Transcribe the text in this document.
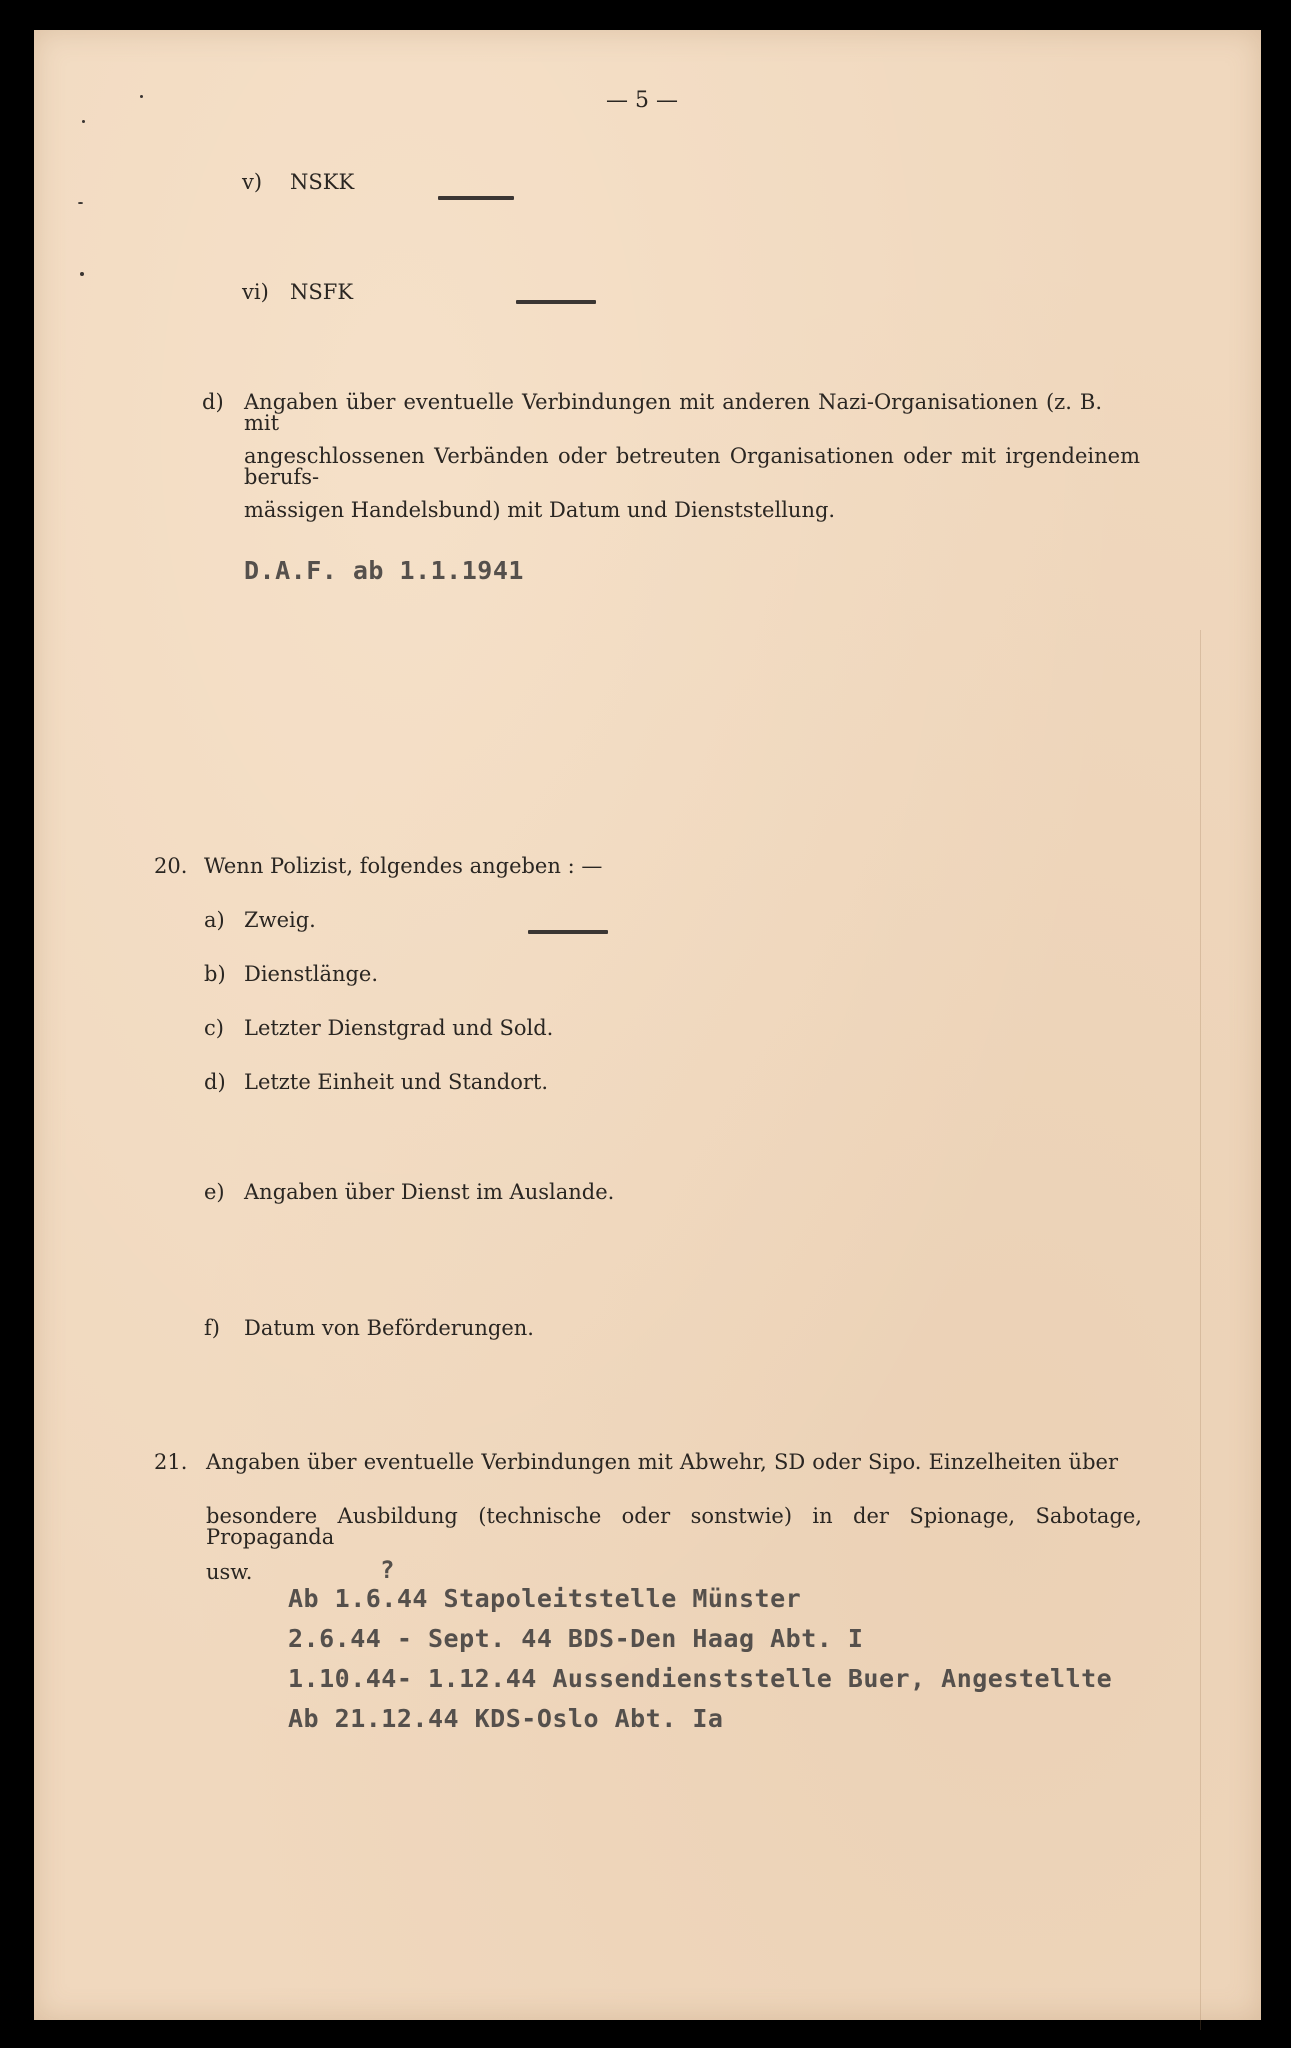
— 5 —
v) NSKK
vi) NSFK
d) Angaben über eventuelle Verbindungen mit anderen Nazi-Organisationen (z. B. mit
angeschlossenen Verbänden oder betreuten Organisationen oder mit irgendeinem berufs-
mässigen Handelsbund) mit Datum und Dienststellung.
D.A.F. ab 1.1.1941
20. Wenn Polizist, folgendes angeben : —
a) Zweig.
b) Dienstlänge.
c) Letzter Dienstgrad und Sold.
d) Letzte Einheit und Standort.
e) Angaben über Dienst im Auslande.
f) Datum von Beförderungen.
21. Angaben über eventuelle Verbindungen mit Abwehr, SD oder Sipo. Einzelheiten über
besondere Ausbildung (technische oder sonstwie) in der Spionage, Sabotage, Propaganda
usw.	?
Ab 1.6.44 Stapoleitstelle Münster
2.6.44 - Sept. 44 BDS-Den Haag Abt. I
1.10.44- 1.12.44 Aussendienststelle Buer, Angestellte
Ab 21.12.44 KDS-Oslo Abt. Ia
